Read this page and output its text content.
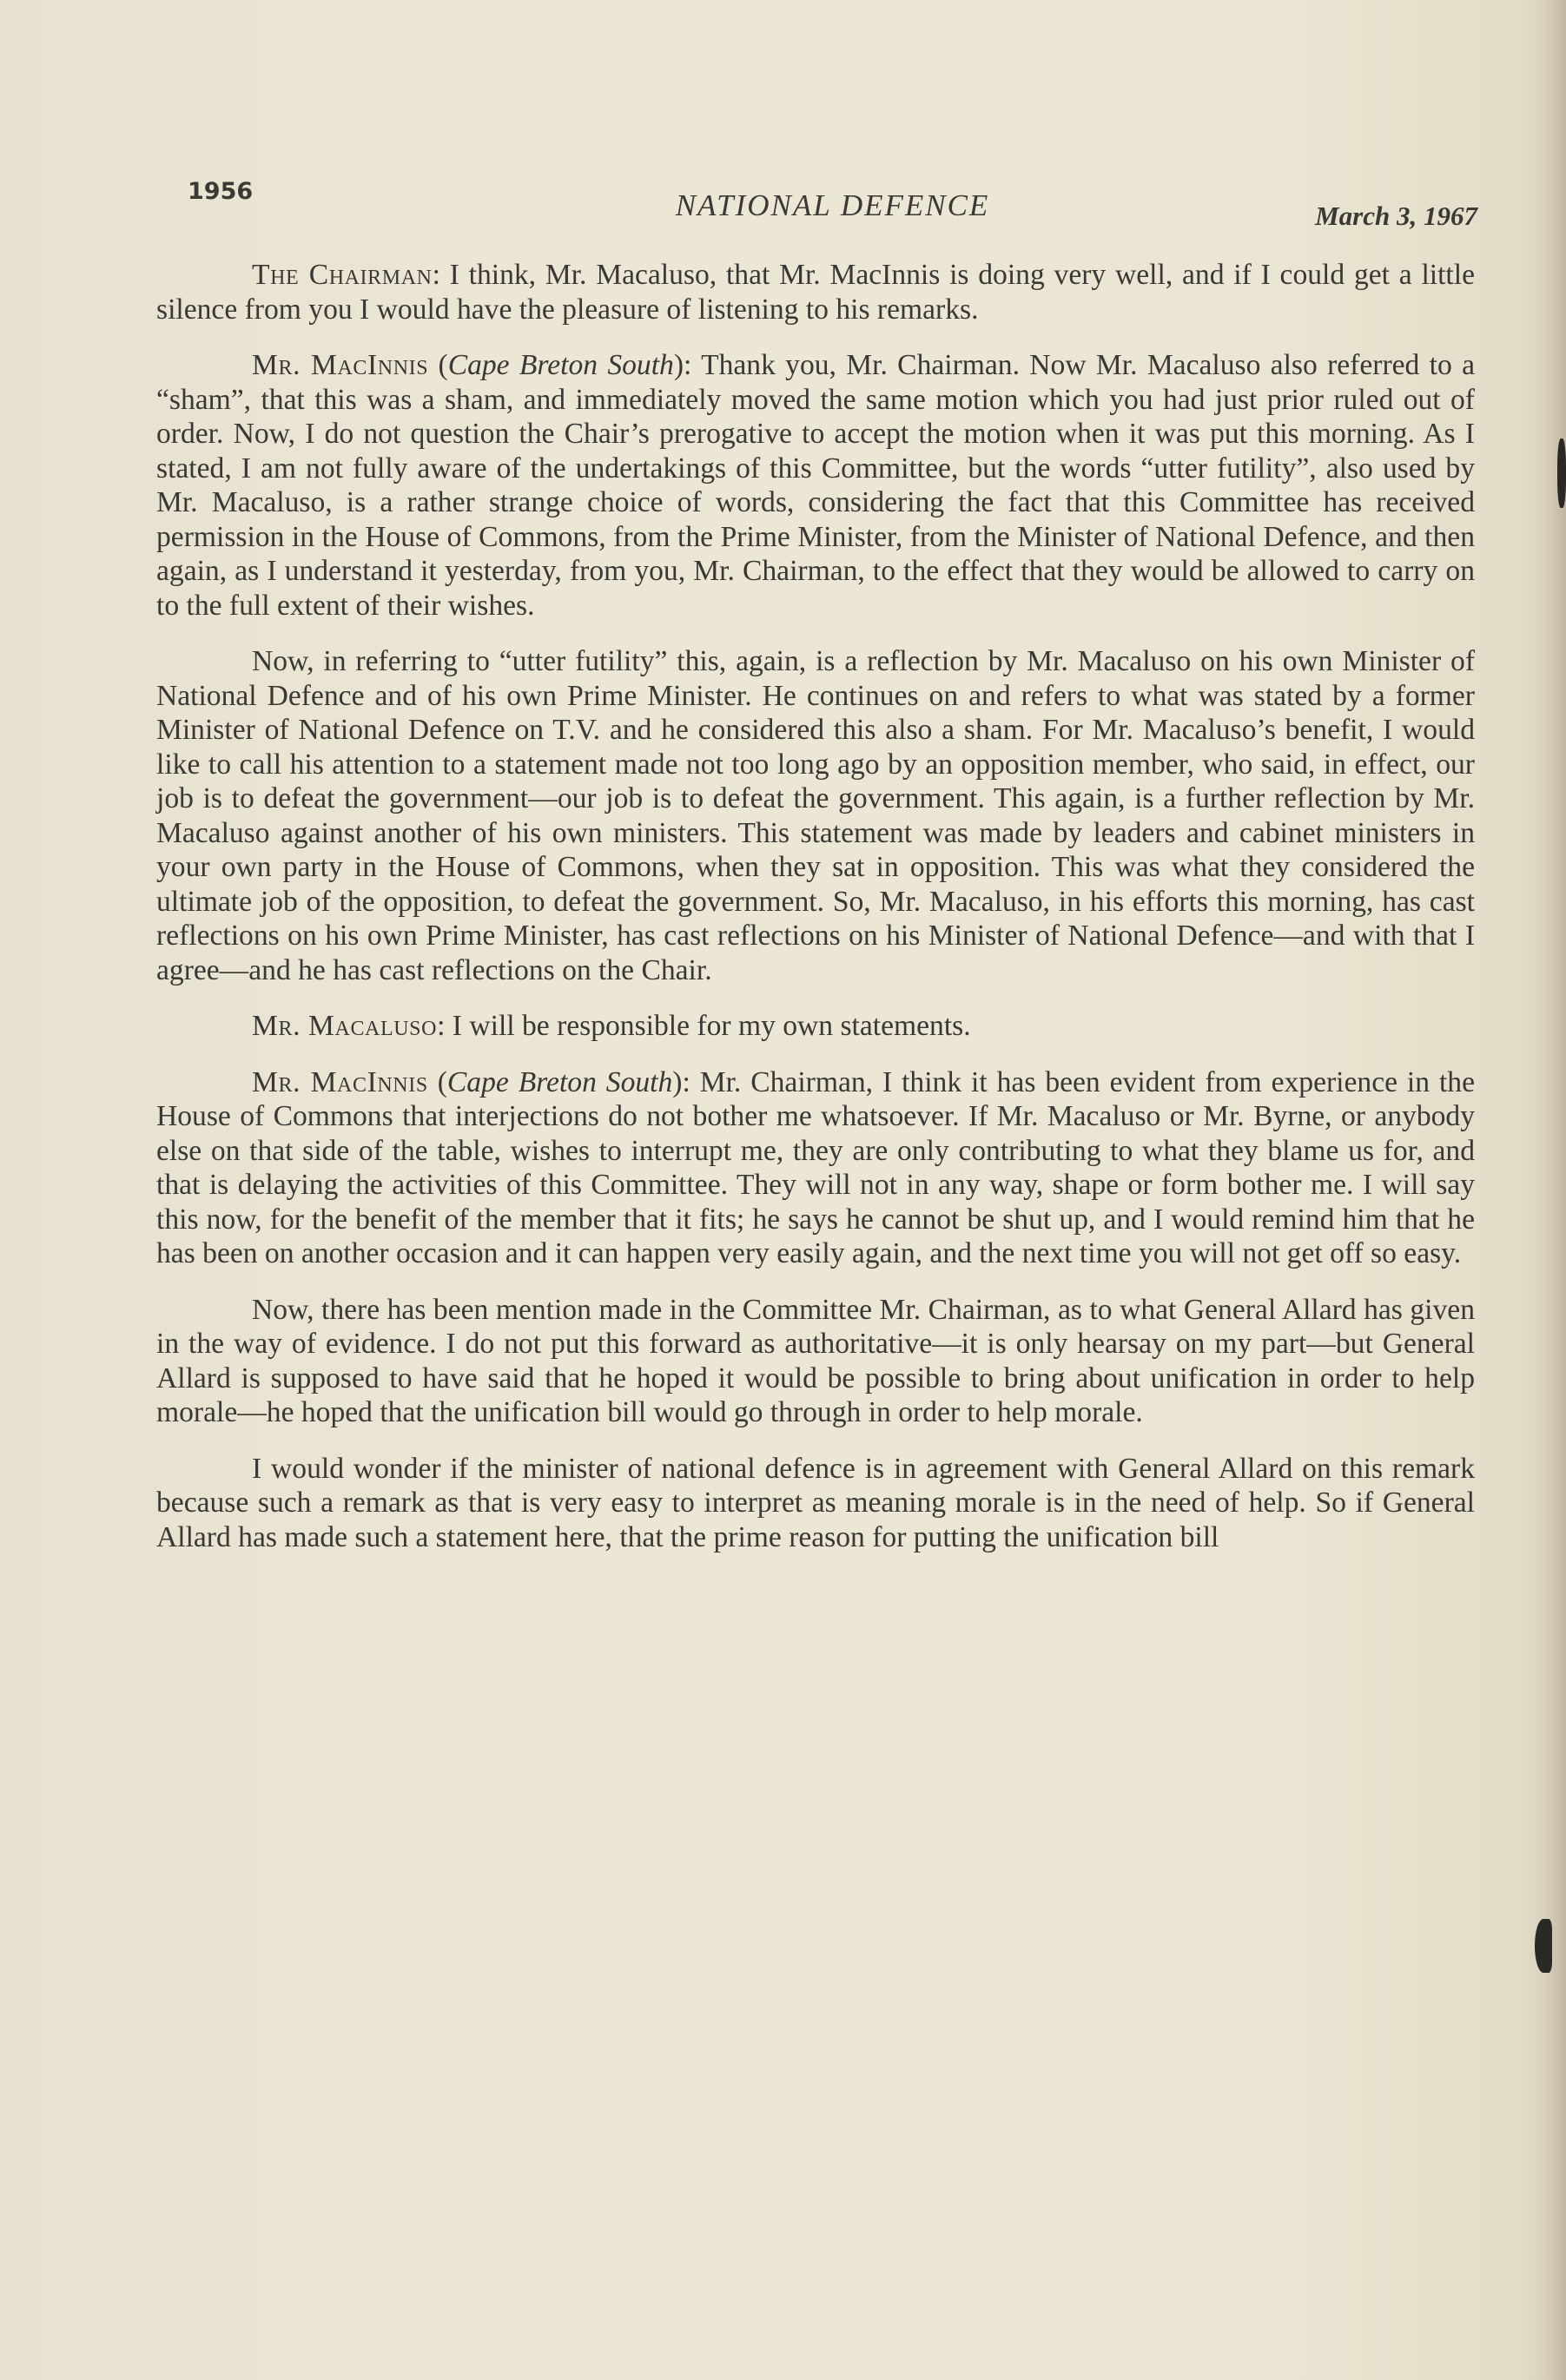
1956	NATIONAL DEFENCE	March 3, 1967

The Chairman: I think, Mr. Macaluso, that Mr. MacInnis is doing very well, and if I could get a little silence from you I would have the pleasure of listening to his remarks.

Mr. MacInnis (Cape Breton South): Thank you, Mr. Chairman. Now Mr. Macaluso also referred to a “sham”, that this was a sham, and immediately moved the same motion which you had just prior ruled out of order. Now, I do not question the Chair’s prerogative to accept the motion when it was put this morning. As I stated, I am not fully aware of the undertakings of this Committee, but the words “utter futility”, also used by Mr. Macaluso, is a rather strange choice of words, considering the fact that this Committee has received permission in the House of Commons, from the Prime Minister, from the Minister of National Defence, and then again, as I understand it yesterday, from you, Mr. Chairman, to the effect that they would be allowed to carry on to the full extent of their wishes.

Now, in referring to “utter futility” this, again, is a reflection by Mr. Macaluso on his own Minister of National Defence and of his own Prime Minister. He continues on and refers to what was stated by a former Minister of National Defence on T.V. and he considered this also a sham. For Mr. Macaluso’s benefit, I would like to call his attention to a statement made not too long ago by an opposition member, who said, in effect, our job is to defeat the government—our job is to defeat the government. This again, is a further reflection by Mr. Macaluso against another of his own ministers. This statement was made by leaders and cabinet ministers in your own party in the House of Commons, when they sat in opposition. This was what they considered the ultimate job of the opposition, to defeat the government. So, Mr. Macaluso, in his efforts this morning, has cast reflections on his own Prime Minister, has cast reflections on his Minister of National Defence—and with that I agree—and he has cast reflections on the Chair.

Mr. Macaluso: I will be responsible for my own statements.

Mr. MacInnis (Cape Breton South): Mr. Chairman, I think it has been evident from experience in the House of Commons that interjections do not bother me whatsoever. If Mr. Macaluso or Mr. Byrne, or anybody else on that side of the table, wishes to interrupt me, they are only contributing to what they blame us for, and that is delaying the activities of this Committee. They will not in any way, shape or form bother me. I will say this now, for the benefit of the member that it fits; he says he cannot be shut up, and I would remind him that he has been on another occasion and it can happen very easily again, and the next time you will not get off so easy.

Now, there has been mention made in the Committee Mr. Chairman, as to what General Allard has given in the way of evidence. I do not put this forward as authoritative—it is only hearsay on my part—but General Allard is supposed to have said that he hoped it would be possible to bring about unification in order to help morale—he hoped that the unification bill would go through in order to help morale.

I would wonder if the minister of national defence is in agreement with General Allard on this remark because such a remark as that is very easy to interpret as meaning morale is in the need of help. So if General Allard has made such a statement here, that the prime reason for putting the unification bill
